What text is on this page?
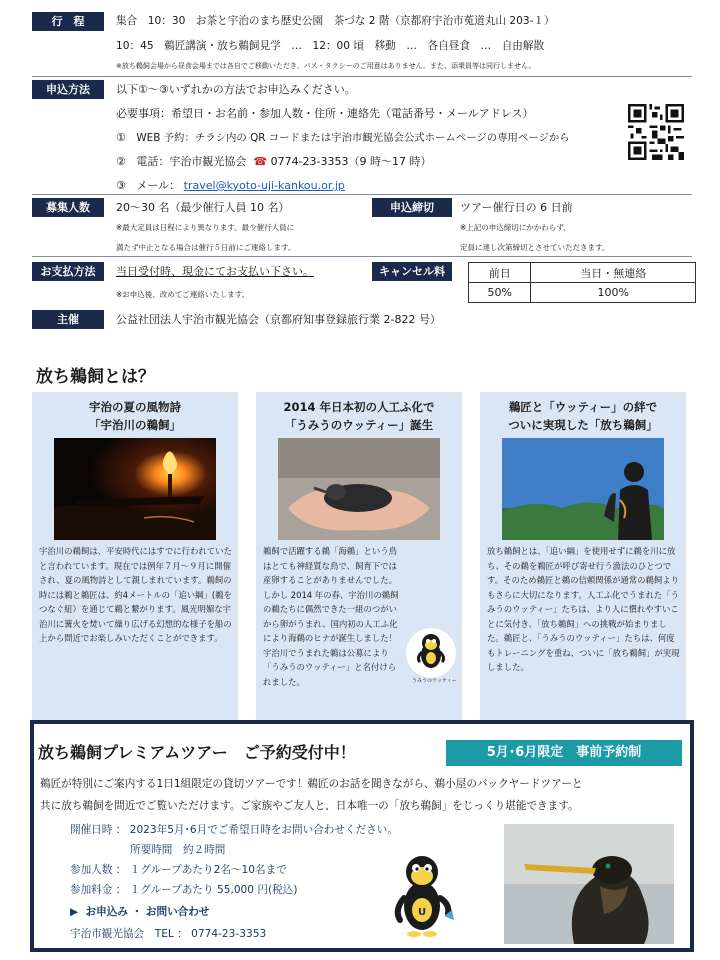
行　程	集合　10：30　お茶と宇治のまち歴史公園　茶づな 2 階（京都府宇治市菟道丸山 203-１）
10：45　鵜匠講演・放ち鵜飼見学　…　12：00 頃　移動　…　各自昼食　…　自由解散
※放ち鵜飼会場から昼食会場までは各自でご移動いただき、バス・タクシーのご用意はありません。また、添乗員等は同行しません。
申込方法	以下①～③いずれかの方法でお申込みください。
必要事項：希望日・お名前・参加人数・住所・連絡先（電話番号・メールアドレス）
① WEB 予約：チラシ内の QR コードまたは宇治市観光協会公式ホームページの専用ページから
② 電話：宇治市観光協会 ☎ 0774-23-3353（9 時～17 時）
③ メール： travel@kyoto-uji-kankou.or.jp
募集人数	20～30 名（最少催行人員 10 名）
※最大定員は日程により異なります。最少催行人員に
満たず中止となる場合は催行５日前にご連絡します。
申込締切	ツアー催行日の 6 日前
※上記の申込締切にかかわらず、
定員に達し次第締切とさせていただきます。
お支払方法	当日受付時、現金にてお支払い下さい。
※お申込後、改めてご連絡いたします。
キャンセル料	前日	当日・無連絡
50%	100%
主催	公益社団法人宇治市観光協会（京都府知事登録旅行業 2-822 号）
放ち鵜飼とは？
宇治の夏の風物詩
「宇治川の鵜飼」
宇治川の鵜飼は、平安時代にはすでに行われていたと言われています。現在では例年７月～９月に開催され、夏の風物詩として親しまれています。鵜飼の時には鵜と鵜匠は、約4メートルの「追い綱」(鵜をつなぐ紐）を通じて鵜と繋がります。風光明媚な宇治川に篝火を焚いて繰り広げる幻想的な様子を船の上から間近でお楽しみいただくことができます。
2014 年日本初の人工ふ化で
「うみうのウッティー」誕生
鵜飼で活躍する鵜「海鵜」という鳥はとても神経質な鳥で、飼育下では産卵することがありませんでした。しかし 2014 年の春、宇治川の鵜飼の鵜たちに偶然できた一組のつがいから卵がうまれ、国内初の人工ふ化により海鵜のヒナが誕生しました！宇治川でうまれた鵜は公募により「うみうのウッティー」と名付けられました。	うみうのウッティー
鵜匠と「ウッティー」の絆で
ついに実現した「放ち鵜飼」
放ち鵜飼とは、「追い綱」を使用せずに鵜を川に放ち、その鵜を鵜匠が呼び寄せ行う漁法のひとつです。そのため鵜匠と鵜の信頼関係が通常の鵜飼よりもさらに大切になります。人工ふ化でうまれた「うみうのウッティー」たちは、より人に慣れやすいことに気付き、「放ち鵜飼」への挑戦が始まりました。鵜匠と、「うみうのウッティー」たちは、何度もトレーニングを重ね、ついに「放ち鵜飼」が実現しました。
放ち鵜飼プレミアムツアー　ご予約受付中！	5月･6月限定　事前予約制
鵜匠が特別にご案内する1日1組限定の貸切ツアーです！鵜匠のお話を聞きながら、鵜小屋のバックヤードツアーと
共に放ち鵜飼を間近でご覧いただけます。ご家族やご友人と、日本唯一の「放ち鵜飼」をじっくり堪能できます。
開催日時 ： 2023年5月･6月でご希望日時をお問い合わせください。
所要時間　約２時間
参加人数 ： １グループあたり2名～10名まで
参加料金 ： １グループあたり 55,000 円(税込)
▶ お申込み ・ お問い合わせ
宇治市観光協会　TEL ： 0774-23-3353
U
